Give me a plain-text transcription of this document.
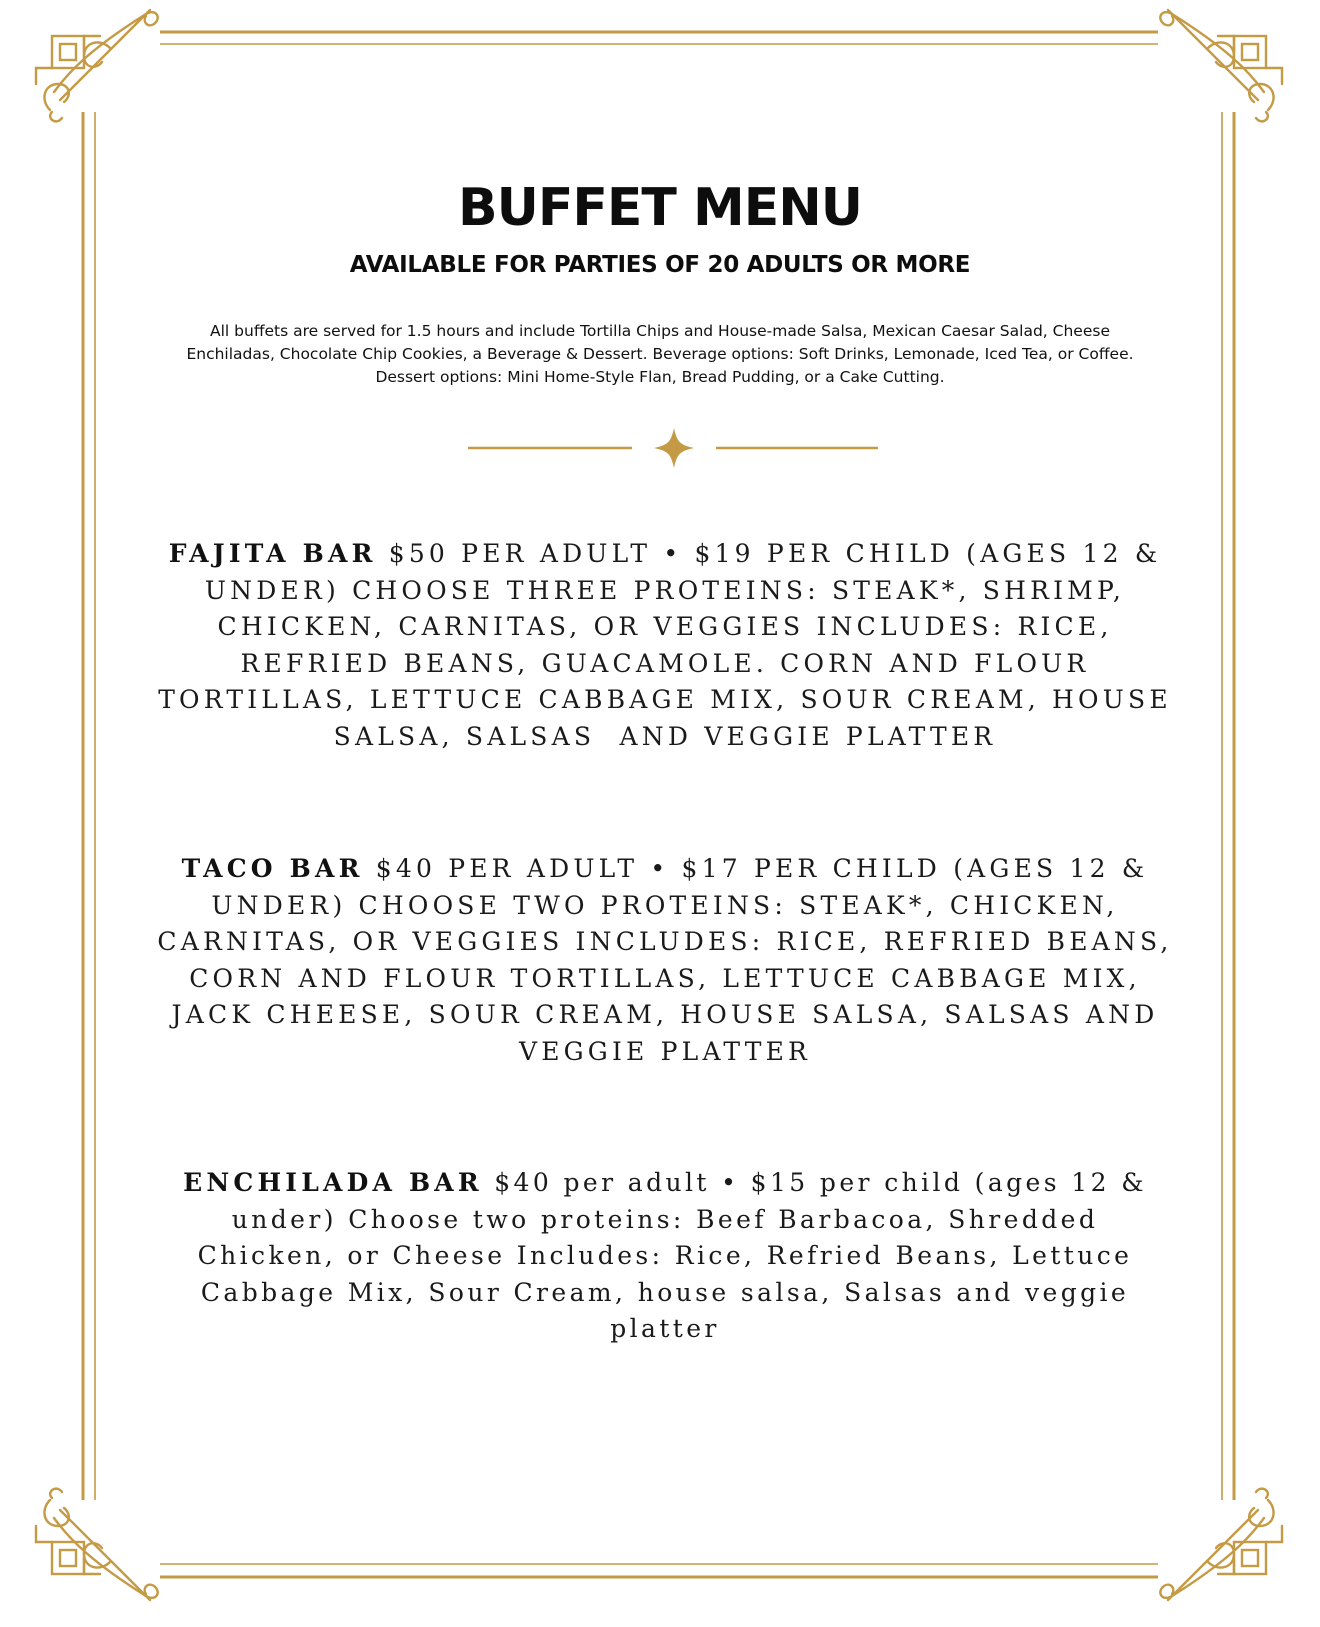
BUFFET MENU
AVAILABLE FOR PARTIES OF 20 ADULTS OR MORE

All buffets are served for 1.5 hours and include Tortilla Chips and House-made Salsa, Mexican Caesar Salad, Cheese
Enchiladas, Chocolate Chip Cookies, a Beverage & Dessert. Beverage options: Soft Drinks, Lemonade, Iced Tea, or Coffee.
Dessert options: Mini Home-Style Flan, Bread Pudding, or a Cake Cutting.

FAJITA BAR $50 PER ADULT • $19 PER CHILD (AGES 12 &
UNDER) CHOOSE THREE PROTEINS: STEAK*, SHRIMP,
CHICKEN, CARNITAS, OR VEGGIES INCLUDES: RICE,
REFRIED BEANS, GUACAMOLE. CORN AND FLOUR
TORTILLAS, LETTUCE CABBAGE MIX, SOUR CREAM, HOUSE
SALSA, SALSAS  AND VEGGIE PLATTER

TACO BAR $40 PER ADULT • $17 PER CHILD (AGES 12 &
UNDER) CHOOSE TWO PROTEINS: STEAK*, CHICKEN,
CARNITAS, OR VEGGIES INCLUDES: RICE, REFRIED BEANS,
CORN AND FLOUR TORTILLAS, LETTUCE CABBAGE MIX,
JACK CHEESE, SOUR CREAM, HOUSE SALSA, SALSAS AND
VEGGIE PLATTER

ENCHILADA BAR $40 per adult • $15 per child (ages 12 &
under) Choose two proteins: Beef Barbacoa, Shredded
Chicken, or Cheese Includes: Rice, Refried Beans, Lettuce
Cabbage Mix, Sour Cream, house salsa, Salsas and veggie
platter
